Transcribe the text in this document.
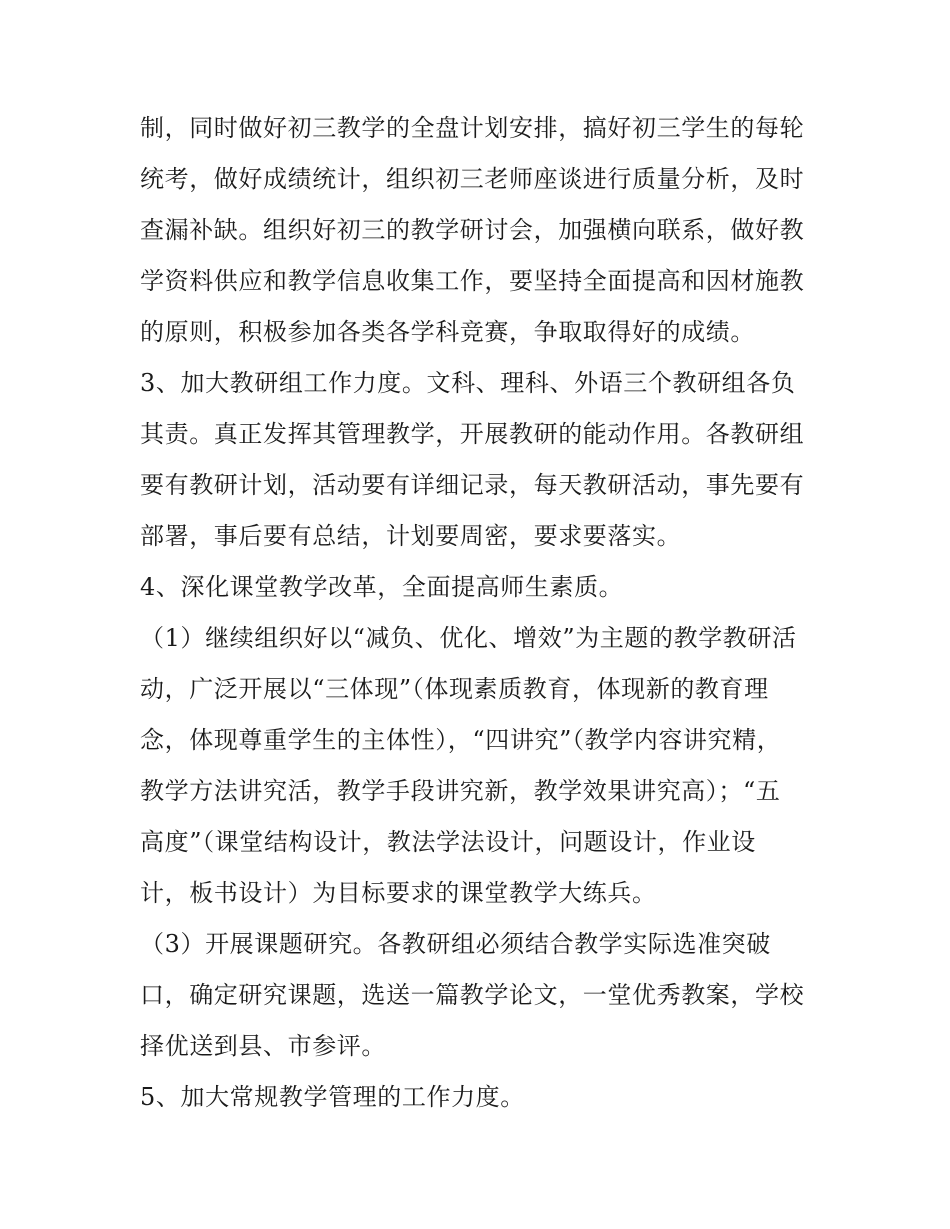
制，同时做好初三教学的全盘计划安排，搞好初三学生的每轮
统考，做好成绩统计，组织初三老师座谈进行质量分析，及时
查漏补缺。组织好初三的教学研讨会，加强横向联系，做好教
学资料供应和教学信息收集工作，要坚持全面提高和因材施教
的原则，积极参加各类各学科竞赛，争取取得好的成绩。
3、加大教研组工作力度。文科、理科、外语三个教研组各负
其责。真正发挥其管理教学，开展教研的能动作用。各教研组
要有教研计划，活动要有详细记录，每天教研活动，事先要有
部署，事后要有总结，计划要周密，要求要落实。
4、深化课堂教学改革，全面提高师生素质。
（1）继续组织好以“减负、优化、增效”为主题的教学教研活
动，广泛开展以“三体现”（体现素质教育，体现新的教育理
念，体现尊重学生的主体性），“四讲究”（教学内容讲究精，
教学方法讲究活，教学手段讲究新，教学效果讲究高）；“五
高度”（课堂结构设计，教法学法设计，问题设计，作业设
计，板书设计）为目标要求的课堂教学大练兵。
（3）开展课题研究。各教研组必须结合教学实际选准突破
口，确定研究课题，选送一篇教学论文，一堂优秀教案，学校
择优送到县、市参评。
5、加大常规教学管理的工作力度。
